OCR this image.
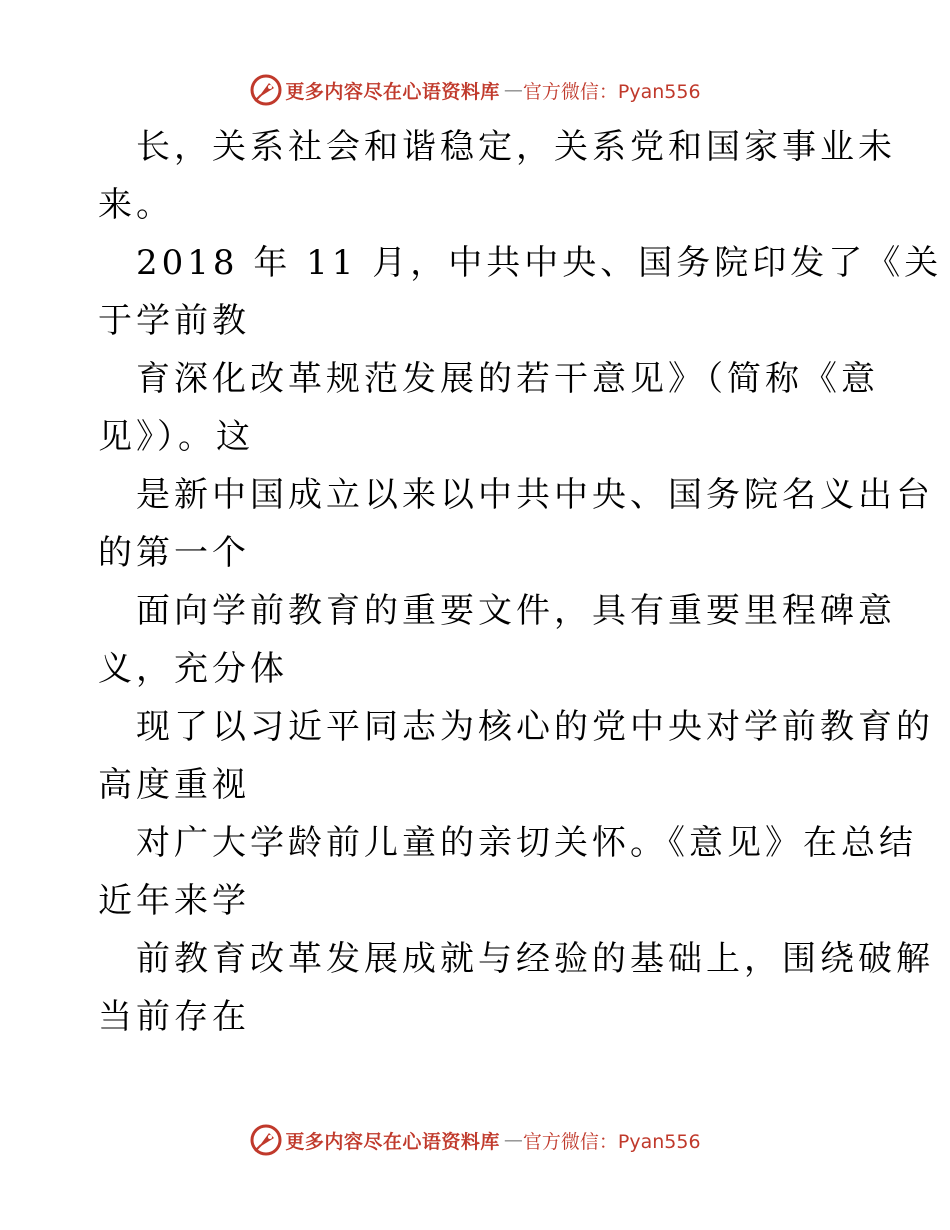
更多内容尽在心语资料库 — 官方微信：Pyan556
长，关系社会和谐稳定，关系党和国家事业未
来。
2018 年 11 月，中共中央、国务院印发了《关
于学前教
育深化改革规范发展的若干意见》（简称《意
见》）。这
是新中国成立以来以中共中央、国务院名义出台
的第一个
面向学前教育的重要文件，具有重要里程碑意
义，充分体
现了以习近平同志为核心的党中央对学前教育的
高度重视
对广大学龄前儿童的亲切关怀。《意见》在总结
近年来学
前教育改革发展成就与经验的基础上，围绕破解
当前存在
更多内容尽在心语资料库 — 官方微信：Pyan556
